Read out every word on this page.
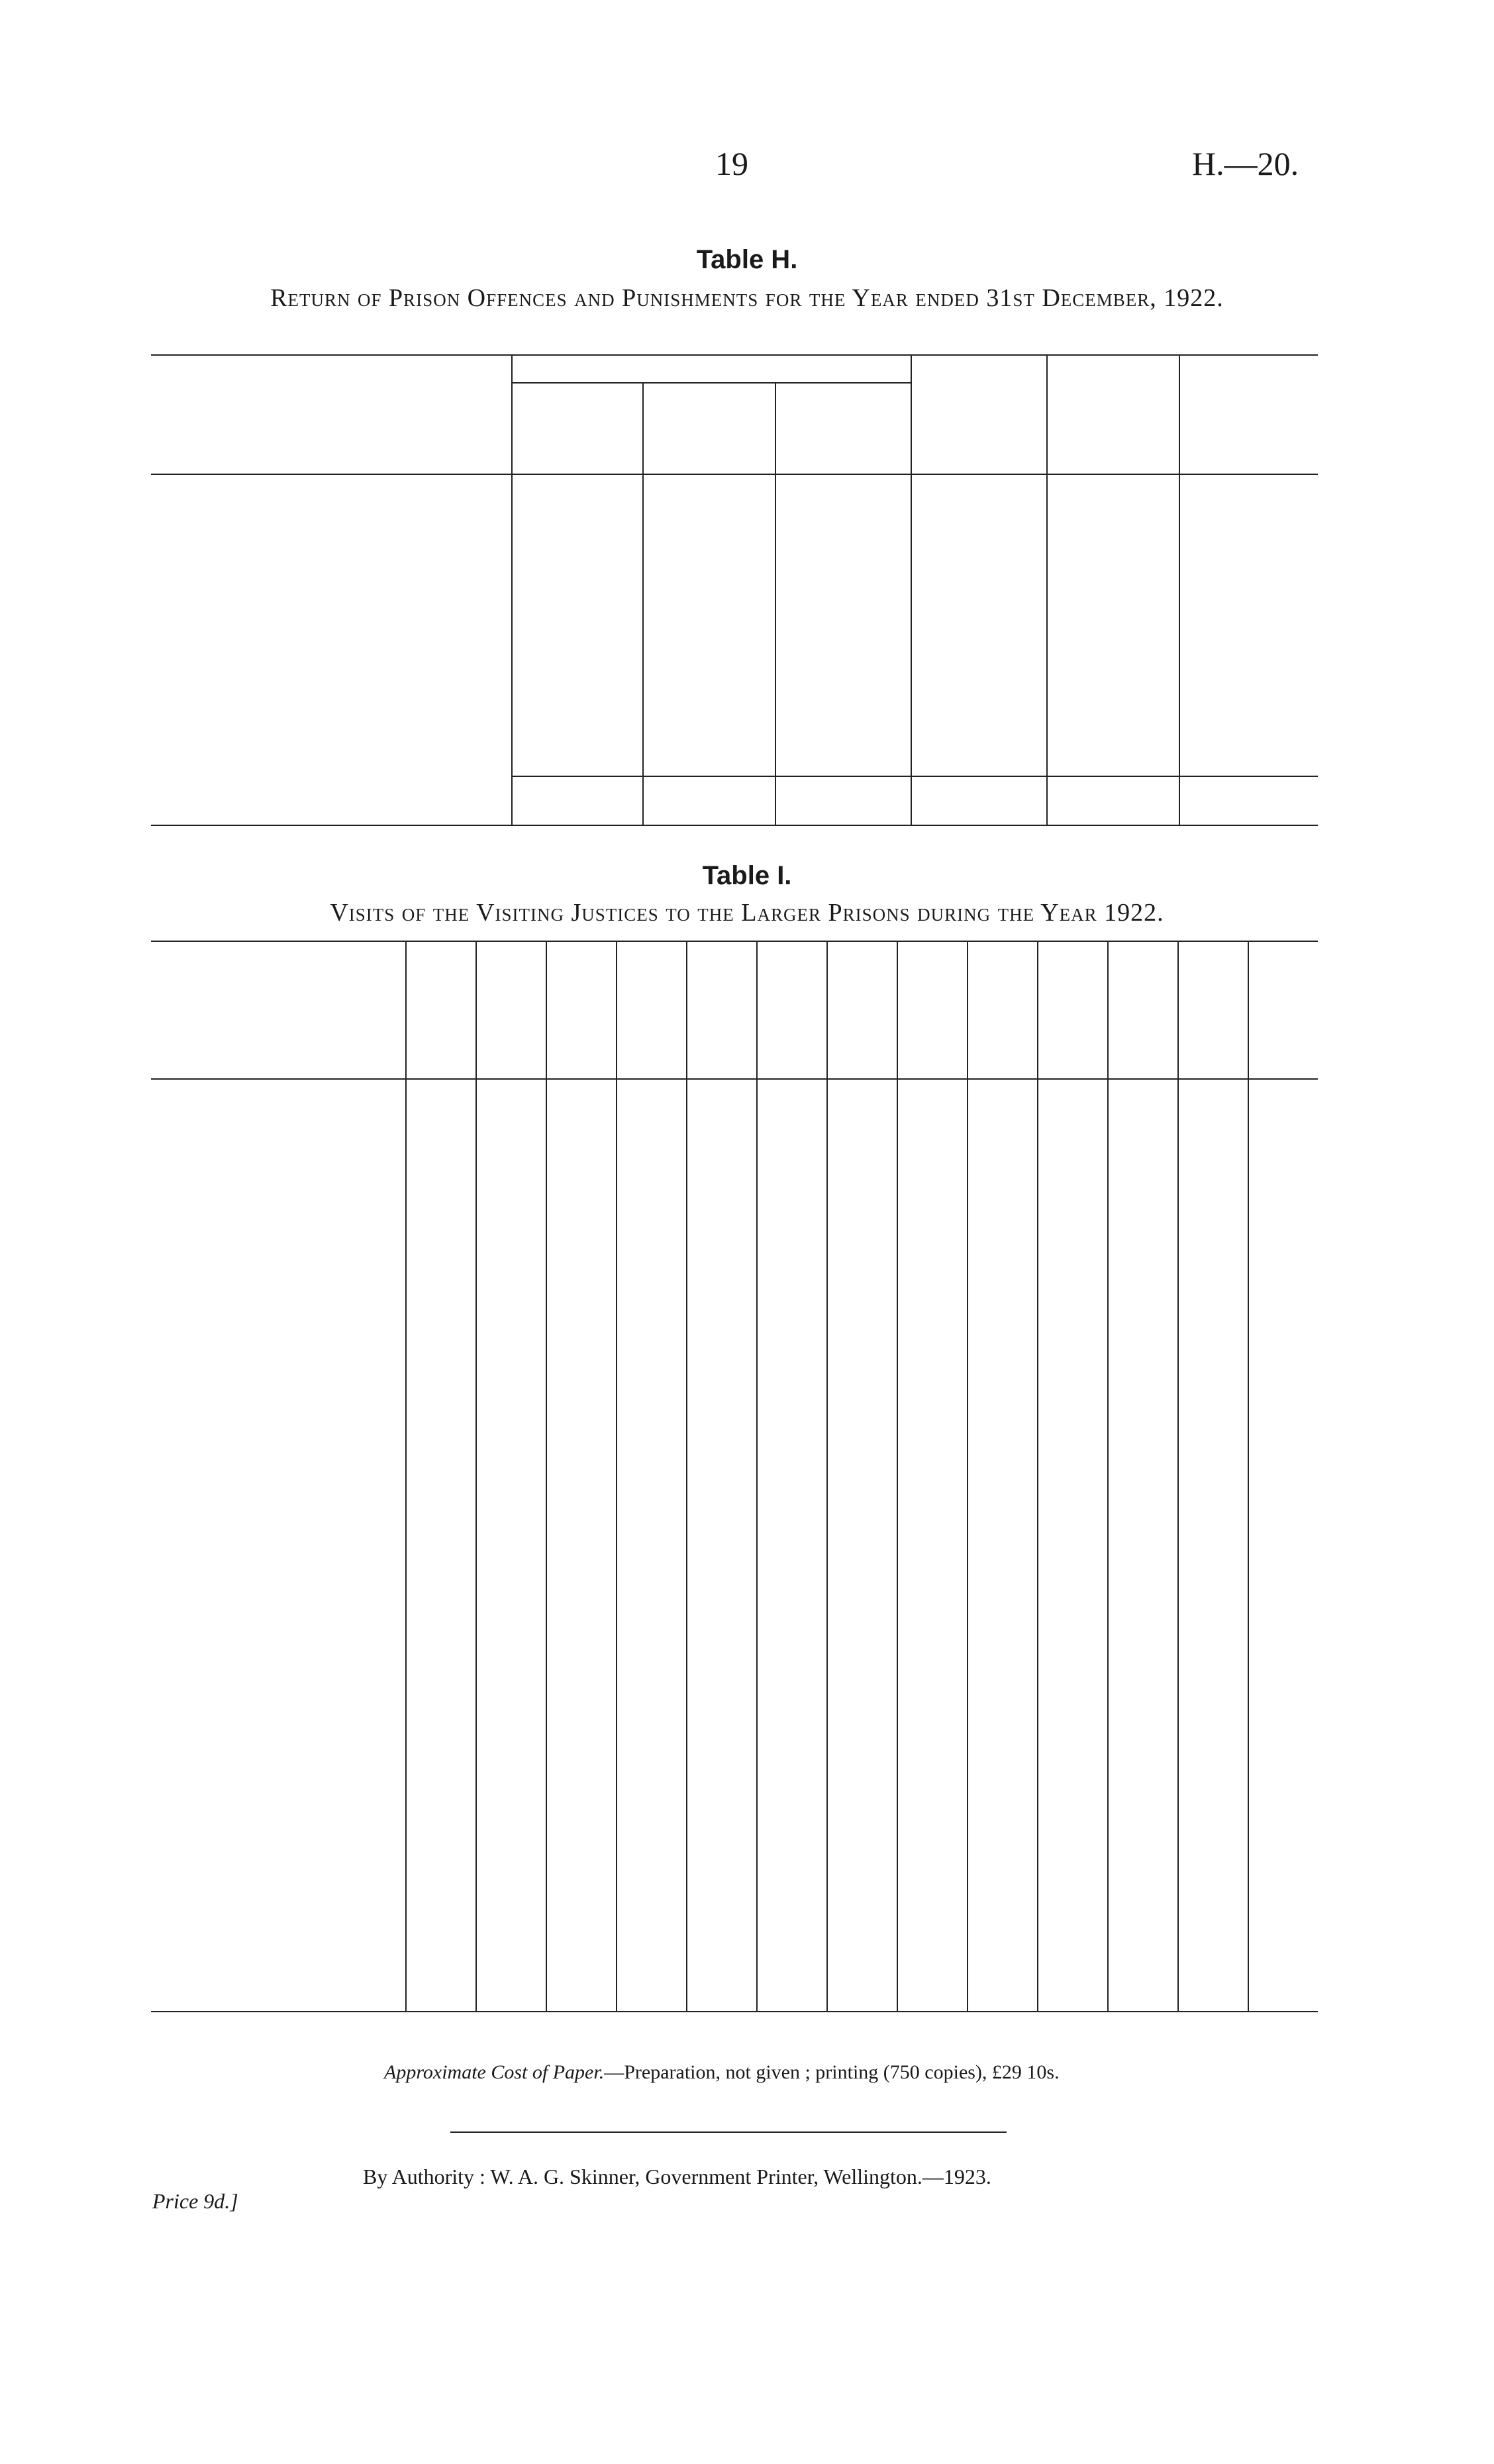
19	H.—20.
Table H.
Return of Prison Offences and Punishments for the Year ended 31st December, 1922.
Table I.
Visits of the Visiting Justices to the Larger Prisons during the Year 1922.
Approximate Cost of Paper.—Preparation, not given ; printing (750 copies), £29 10s.
By Authority : W. A. G. Skinner, Government Printer, Wellington.—1923.
Price 9d.]
